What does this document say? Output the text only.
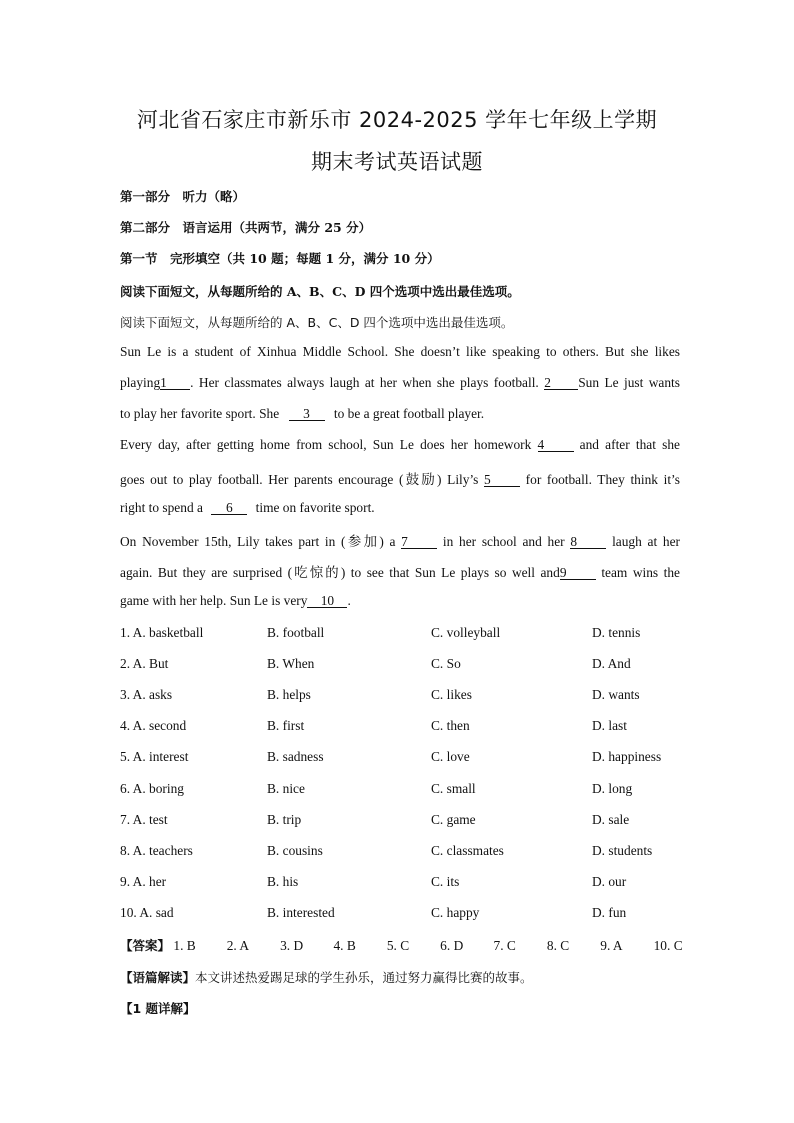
河北省石家庄市新乐市 2024-2025 学年七年级上学期
期末考试英语试题
第一部分　听力（略）
第二部分　语言运用（共两节，满分 25 分）
第一节　完形填空（共 10 题；每题 1 分，满分 10 分）
阅读下面短文，从每题所给的 A、B、C、D 四个选项中选出最佳选项。
阅读下面短文，从每题所给的 A、B、C、D 四个选项中选出最佳选项。
Sun Le is a student of Xinhua Middle School. She doesn’t like speaking to others. But she likes
playing1 . Her classmates always laugh at her when she plays football. 2 Sun Le just wants
to play her favorite sport. She 3 to be a great football player.
Every day, after getting home from school, Sun Le does her homework 4	and after that she
goes out to play football. Her parents encourage (鼓励) Lily’s 5	for football. They think it’s
right to spend a 6 time on favorite sport.
On November 15th, Lily takes part in (参加) a 7	in her school and her 8	laugh at her
again. But they are surprised (吃惊的) to see that Sun Le plays so well and9	team wins the
game with her help. Sun Le is very 10 .
1. A. basketball	B. football	C. volleyball	D. tennis
2. A. But	B. When	C. So	D. And
3. A. asks	B. helps	C. likes	D. wants
4. A. second	B. first	C. then	D. last
5. A. interest	B. sadness	C. love	D. happiness
6. A. boring	B. nice	C. small	D. long
7. A. test	B. trip	C. game	D. sale
8. A. teachers	B. cousins	C. classmates	D. students
9. A. her	B. his	C. its	D. our
10. A. sad	B. interested	C. happy	D. fun
【答案】 1. B 2. A 3. D 4. B 5. C 6. D 7. C 8. C 9. A 10. C
【语篇解读】本文讲述热爱踢足球的学生孙乐，通过努力赢得比赛的故事。
【1 题详解】
